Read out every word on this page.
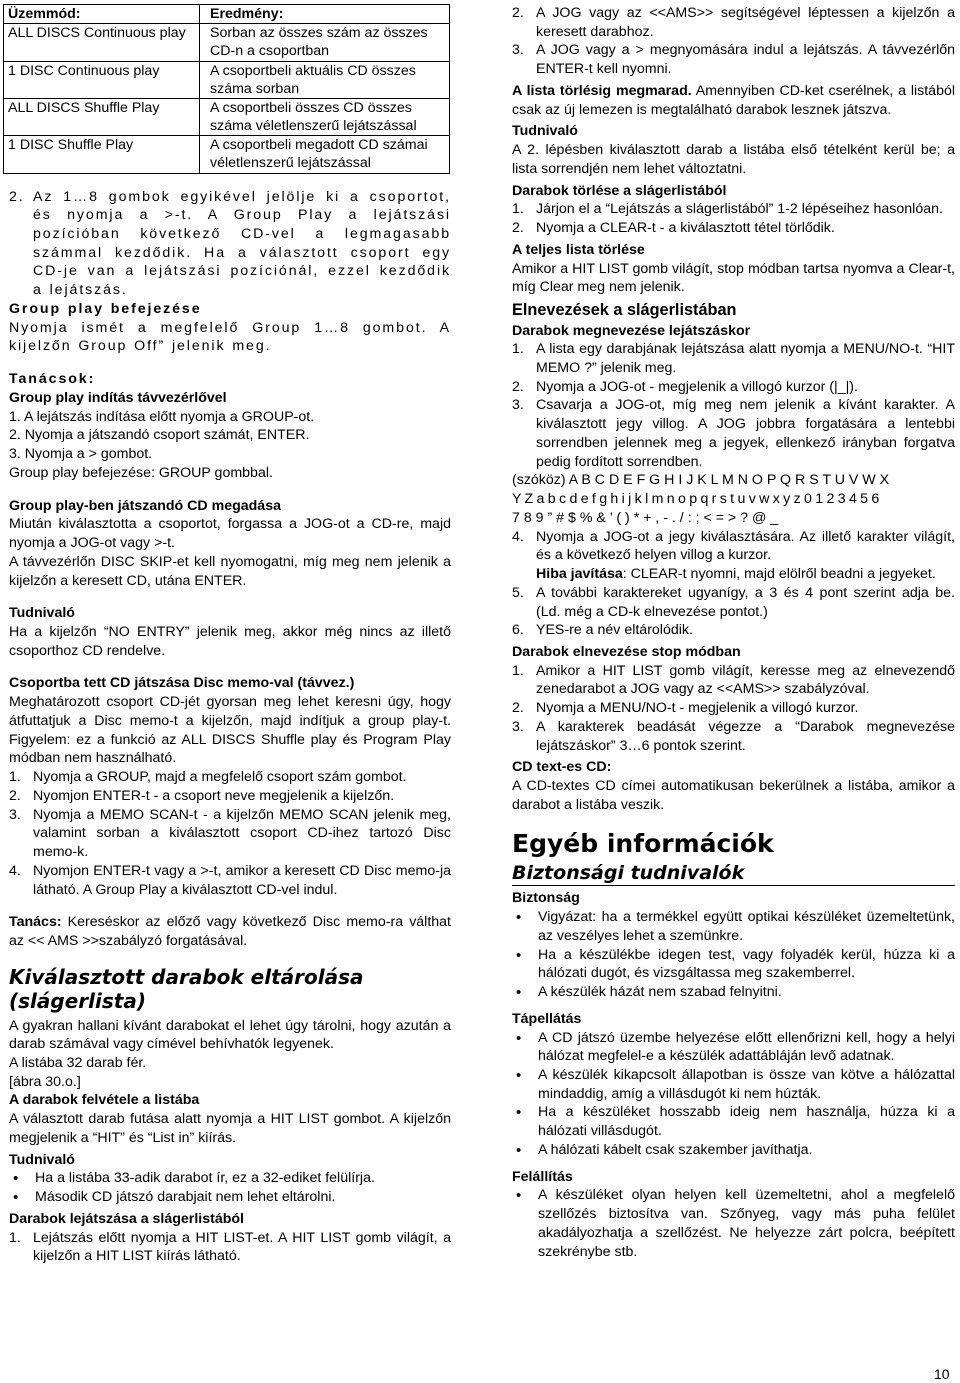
Üzemmód:	Eredmény:
ALL DISCS Continuous play	Sorban az összes szám az összes CD-n a csoportban
1 DISC Continuous play	A csoportbeli aktuális CD összes száma sorban
ALL DISCS Shuffle Play	A csoportbeli összes CD összes száma véletlenszerű lejátszással
1 DISC Shuffle Play	A csoportbeli megadott CD számai véletlenszerű lejátszással
2. Az 1…8 gombok egyikével jelölje ki a csoportot, és nyomja a >-t. A Group Play a lejátszási pozícióban következő CD-vel a legmagasabb számmal kezdődik. Ha a választott csoport egy CD-je van a lejátszási pozíciónál, ezzel kezdődik a lejátszás.

Group play befejezése

Nyomja ismét a megfelelő Group 1…8 gombot. A kijelzőn Group Off” jelenik meg.

Tanácsok:

Group play indítás távvezérlővel

1. A lejátszás indítása előtt nyomja a GROUP-ot.

2. Nyomja a játszandó csoport számát, ENTER.

3. Nyomja a > gombot.

Group play befejezése: GROUP gombbal.

Group play-ben játszandó CD megadása

Miután kiválasztotta a csoportot, forgassa a JOG-ot a CD-re, majd nyomja a JOG-ot vagy >-t.

A távvezérlőn DISC SKIP-et kell nyomogatni, míg meg nem jelenik a kijelzőn a keresett CD, utána ENTER.

Tudnivaló

Ha a kijelzőn “NO ENTRY” jelenik meg, akkor még nincs az illető csoporthoz CD rendelve.

Csoportba tett CD játszása Disc memo-val (távvez.)

Meghatározott csoport CD-jét gyorsan meg lehet keresni úgy, hogy átfuttatjuk a Disc memo-t a kijelzőn, majd indítjuk a group play-t. Figyelem: ez a funkció az ALL DISCS Shuffle play és Program Play módban nem használható.

1. Nyomja a GROUP, majd a megfelelő csoport szám gombot.
2. Nyomjon ENTER-t - a csoport neve megjelenik a kijelzőn.
3. Nyomja a MEMO SCAN-t - a kijelzőn MEMO SCAN jelenik meg, valamint sorban a kiválasztott csoport CD-ihez tartozó Disc memo-k.
4. Nyomjon ENTER-t vagy a >-t, amikor a keresett CD Disc memo-ja látható. A Group Play a kiválasztott CD-vel indul.

Tanács: Kereséskor az előző vagy következő Disc memo-ra válthat az << AMS >>szabályzó forgatásával.

Kiválasztott darabok eltárolása (slágerlista)

A gyakran hallani kívánt darabokat el lehet úgy tárolni, hogy azután a darab számával vagy címével behívhatók legyenek.

A listába 32 darab fér.

[ábra 30.o.]

A darabok felvétele a listába

A választott darab futása alatt nyomja a HIT LIST gombot. A kijelzőn megjelenik a “HIT” és “List in” kiírás.

Tudnivaló

• Ha a listába 33-adik darabot ír, ez a 32-ediket felülírja.
• Második CD játszó darabjait nem lehet eltárolni.

Darabok lejátszása a slágerlistából

1. Lejátszás előtt nyomja a HIT LIST-et. A HIT LIST gomb világít, a kijelzőn a HIT LIST kiírás látható.
2. A JOG vagy az <<AMS>> segítségével léptessen a kijelzőn a keresett darabhoz.
3. A JOG vagy a > megnyomására indul a lejátszás. A távvezérlőn ENTER-t kell nyomni.

A lista törlésig megmarad. Amennyiben CD-ket cserélnek, a listából csak az új lemezen is megtalálható darabok lesznek játszva.

Tudnivaló

A 2. lépésben kiválasztott darab a listába első tételként kerül be; a lista sorrendjén nem lehet változtatni.

Darabok törlése a slágerlistából

1. Járjon el a “Lejátszás a slágerlistából” 1-2 lépéseihez hasonlóan.
2. Nyomja a CLEAR-t - a kiválasztott tétel törlődik.

A teljes lista törlése

Amikor a HIT LIST gomb világít, stop módban tartsa nyomva a Clear-t, míg Clear meg nem jelenik.

Elnevezések a slágerlistában

Darabok megnevezése lejátszáskor

1. A lista egy darabjának lejátszása alatt nyomja a MENU/NO-t. “HIT MEMO ?” jelenik meg.
2. Nyomja a JOG-ot - megjelenik a villogó kurzor (|_|).
3. Csavarja a JOG-ot, míg meg nem jelenik a kívánt karakter. A kiválasztott jegy villog. A JOG jobbra forgatására a lentebbi sorrendben jelennek meg a jegyek, ellenkező irányban forgatva pedig fordított sorrendben.

(szóköz) A B C D E F G H I J K L M N O P Q R S T U V W X

Y Z a b c d e f g h i j k l m n o p q r s t u v w x y z 0 1 2 3 4 5 6

7 8 9 ” # $ % & ’ ( ) * + , - . / : ; < = > ? @ _

4. Nyomja a JOG-ot a jegy kiválasztására. Az illető karakter világít, és a következő helyen villog a kurzor.
Hiba javítása: CLEAR-t nyomni, majd elölről beadni a jegyeket.
5. A további karaktereket ugyanígy, a 3 és 4 pont szerint adja be. (Ld. még a CD-k elnevezése pontot.)
6. YES-re a név eltárolódik.

Darabok elnevezése stop módban

1. Amikor a HIT LIST gomb világít, keresse meg az elnevezendő zenedarabot a JOG vagy az <<AMS>> szabályzóval.
2. Nyomja a MENU/NO-t - megjelenik a villogó kurzor.
3. A karakterek beadását végezze a “Darabok megnevezése lejátszáskor” 3…6 pontok szerint.

CD text-es CD:

A CD-textes CD címei automatikusan bekerülnek a listába, amikor a darabot a listába veszik.

Egyéb információk

Biztonsági tudnivalók

Biztonság

• Vigyázat: ha a termékkel együtt optikai készüléket üzemeltetünk, az veszélyes lehet a szemünkre.
• Ha a készülékbe idegen test, vagy folyadék kerül, húzza ki a hálózati dugót, és vizsgáltassa meg szakemberrel.
• A készülék házát nem szabad felnyitni.

Tápellátás

• A CD játszó üzembe helyezése előtt ellenőrizni kell, hogy a helyi hálózat megfelel-e a készülék adattábláján levő adatnak.
• A készülék kikapcsolt állapotban is össze van kötve a hálózattal mindaddig, amíg a villásdugót ki nem húzták.
• Ha a készüléket hosszabb ideig nem használja, húzza ki a hálózati villásdugót.
• A hálózati kábelt csak szakember javíthatja.

Felállítás

• A készüléket olyan helyen kell üzemeltetni, ahol a megfelelő szellőzés biztosítva van. Szőnyeg, vagy más puha felület akadályozhatja a szellőzést. Ne helyezze zárt polcra, beépített szekrénybe stb.
10
